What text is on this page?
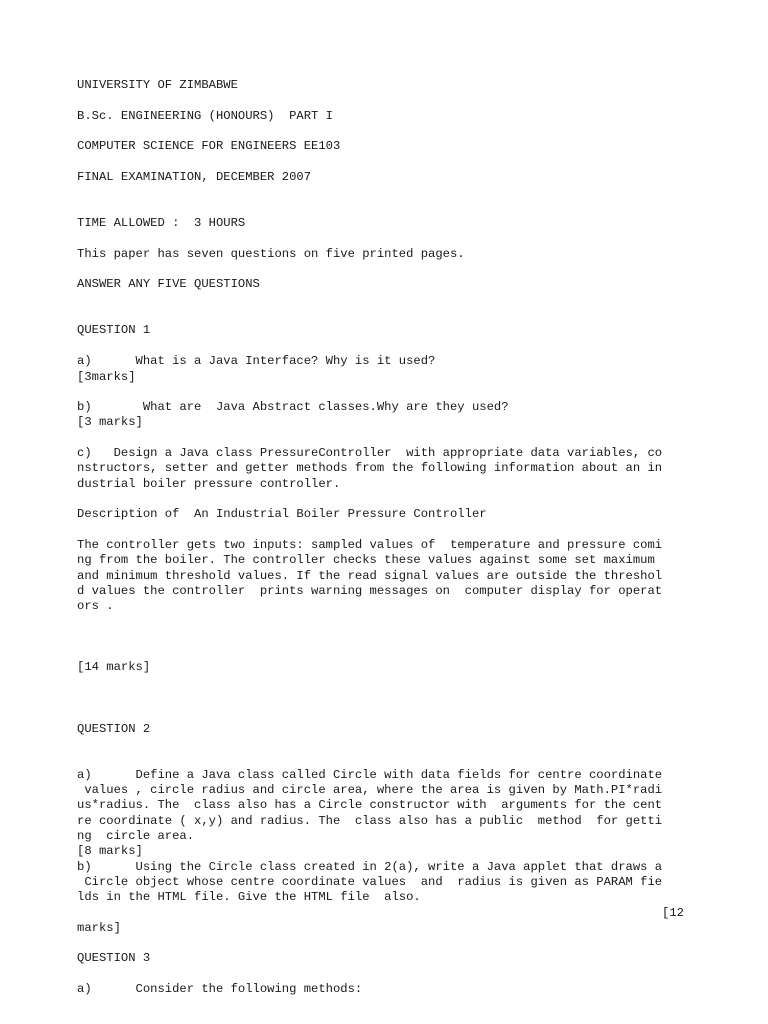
UNIVERSITY OF ZIMBABWE
B.Sc. ENGINEERING (HONOURS)  PART I
COMPUTER SCIENCE FOR ENGINEERS EE103
FINAL EXAMINATION, DECEMBER 2007
TIME ALLOWED :  3 HOURS
This paper has seven questions on five printed pages.
ANSWER ANY FIVE QUESTIONS
QUESTION 1
a)      What is a Java Interface? Why is it used?
[3marks]
b)       What are  Java Abstract classes.Why are they used?
[3 marks]
c)   Design a Java class PressureController  with appropriate data variables, co
nstructors, setter and getter methods from the following information about an in
dustrial boiler pressure controller.
Description of  An Industrial Boiler Pressure Controller
The controller gets two inputs: sampled values of  temperature and pressure comi
ng from the boiler. The controller checks these values against some set maximum
and minimum threshold values. If the read signal values are outside the threshol
d values the controller  prints warning messages on  computer display for operat
ors .
[14 marks]
QUESTION 2
a)      Define a Java class called Circle with data fields for centre coordinate
values , circle radius and circle area, where the area is given by Math.PI*radi
us*radius. The  class also has a Circle constructor with  arguments for the cent
re coordinate ( x,y) and radius. The  class also has a public  method  for getti
ng  circle area.
[8 marks]
b)      Using the Circle class created in 2(a), write a Java applet that draws a
Circle object whose centre coordinate values  and  radius is given as PARAM fie
lds in the HTML file. Give the HTML file  also.
[12
marks]
QUESTION 3
a)      Consider the following methods:
